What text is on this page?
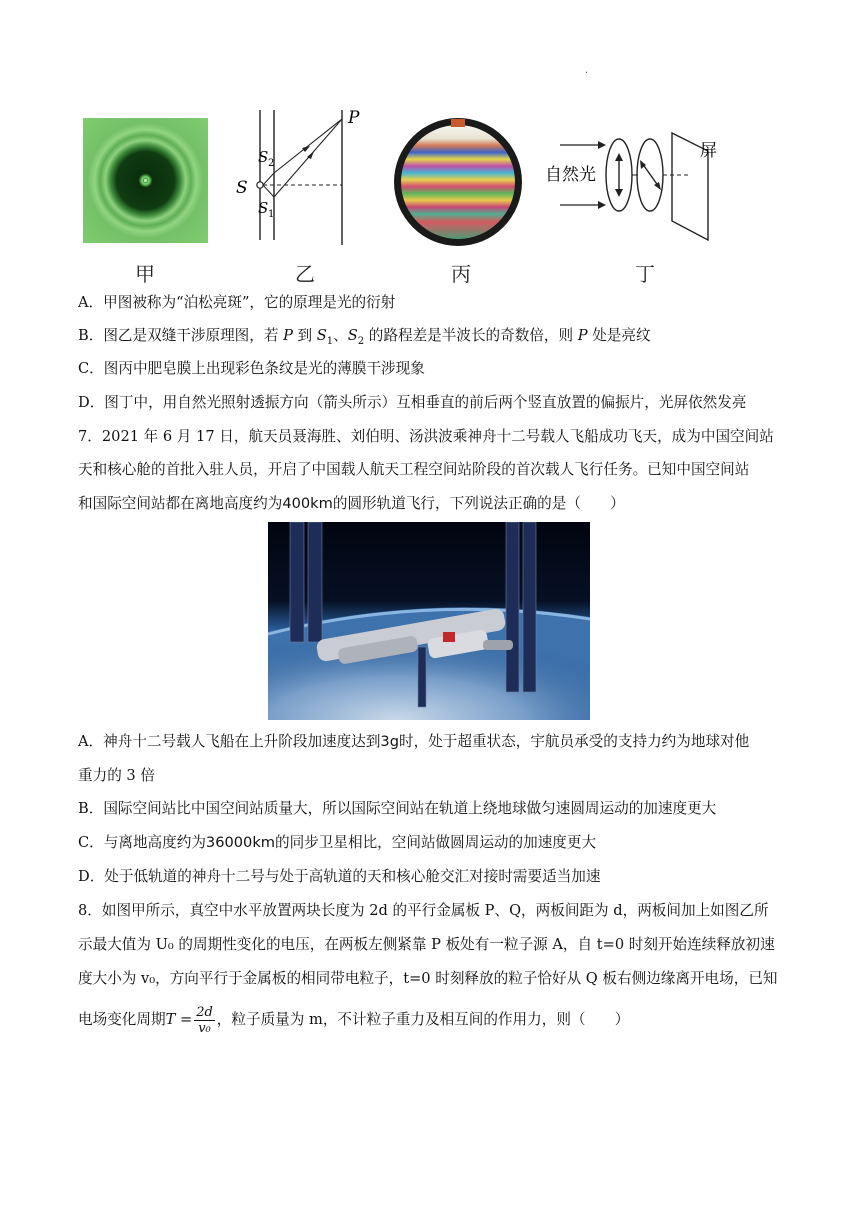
·
甲
P
S
S 2
S 1
乙	丙
自然光
屏
丁
A．甲图被称为“泊松亮斑”，它的原理是光的衍射
B．图乙是双缝干涉原理图，若 P 到 $S_1$、$S_2$ 的路程差是半波长的奇数倍，则 P 处是亮纹
C．图丙中肥皂膜上出现彩色条纹是光的薄膜干涉现象
D．图丁中，用自然光照射透振方向（箭头所示）互相垂直的前后两个竖直放置的偏振片，光屏依然发亮
7．2021 年 6 月 17 日，航天员聂海胜、刘伯明、汤洪波乘神舟十二号载人飞船成功飞天，成为中国空间站
天和核心舱的首批入驻人员，开启了中国载人航天工程空间站阶段的首次载人飞行任务。已知中国空间站
和国际空间站都在离地高度约为400km的圆形轨道飞行，下列说法正确的是（　　）
A．神舟十二号载人飞船在上升阶段加速度达到3g时，处于超重状态，宇航员承受的支持力约为地球对他
重力的 3 倍
B．国际空间站比中国空间站质量大，所以国际空间站在轨道上绕地球做匀速圆周运动的加速度更大
C．与离地高度约为36000km的同步卫星相比，空间站做圆周运动的加速度更大
D．处于低轨道的神舟十二号与处于高轨道的天和核心舱交汇对接时需要适当加速
8．如图甲所示，真空中水平放置两块长度为 2d 的平行金属板 P、Q，两板间距为 d，两板间加上如图乙所
示最大值为 U₀ 的周期性变化的电压，在两板左侧紧靠 P 板处有一粒子源 A，自 t=0 时刻开始连续释放初速
度大小为 v₀，方向平行于金属板的相同带电粒子，t=0 时刻释放的粒子恰好从 Q 板右侧边缘离开电场，已知
电场变化周期$T = \frac{2d}{\text{v₀}}$ ，粒子质量为 m，不计粒子重力及相互间的作用力，则（　　）
